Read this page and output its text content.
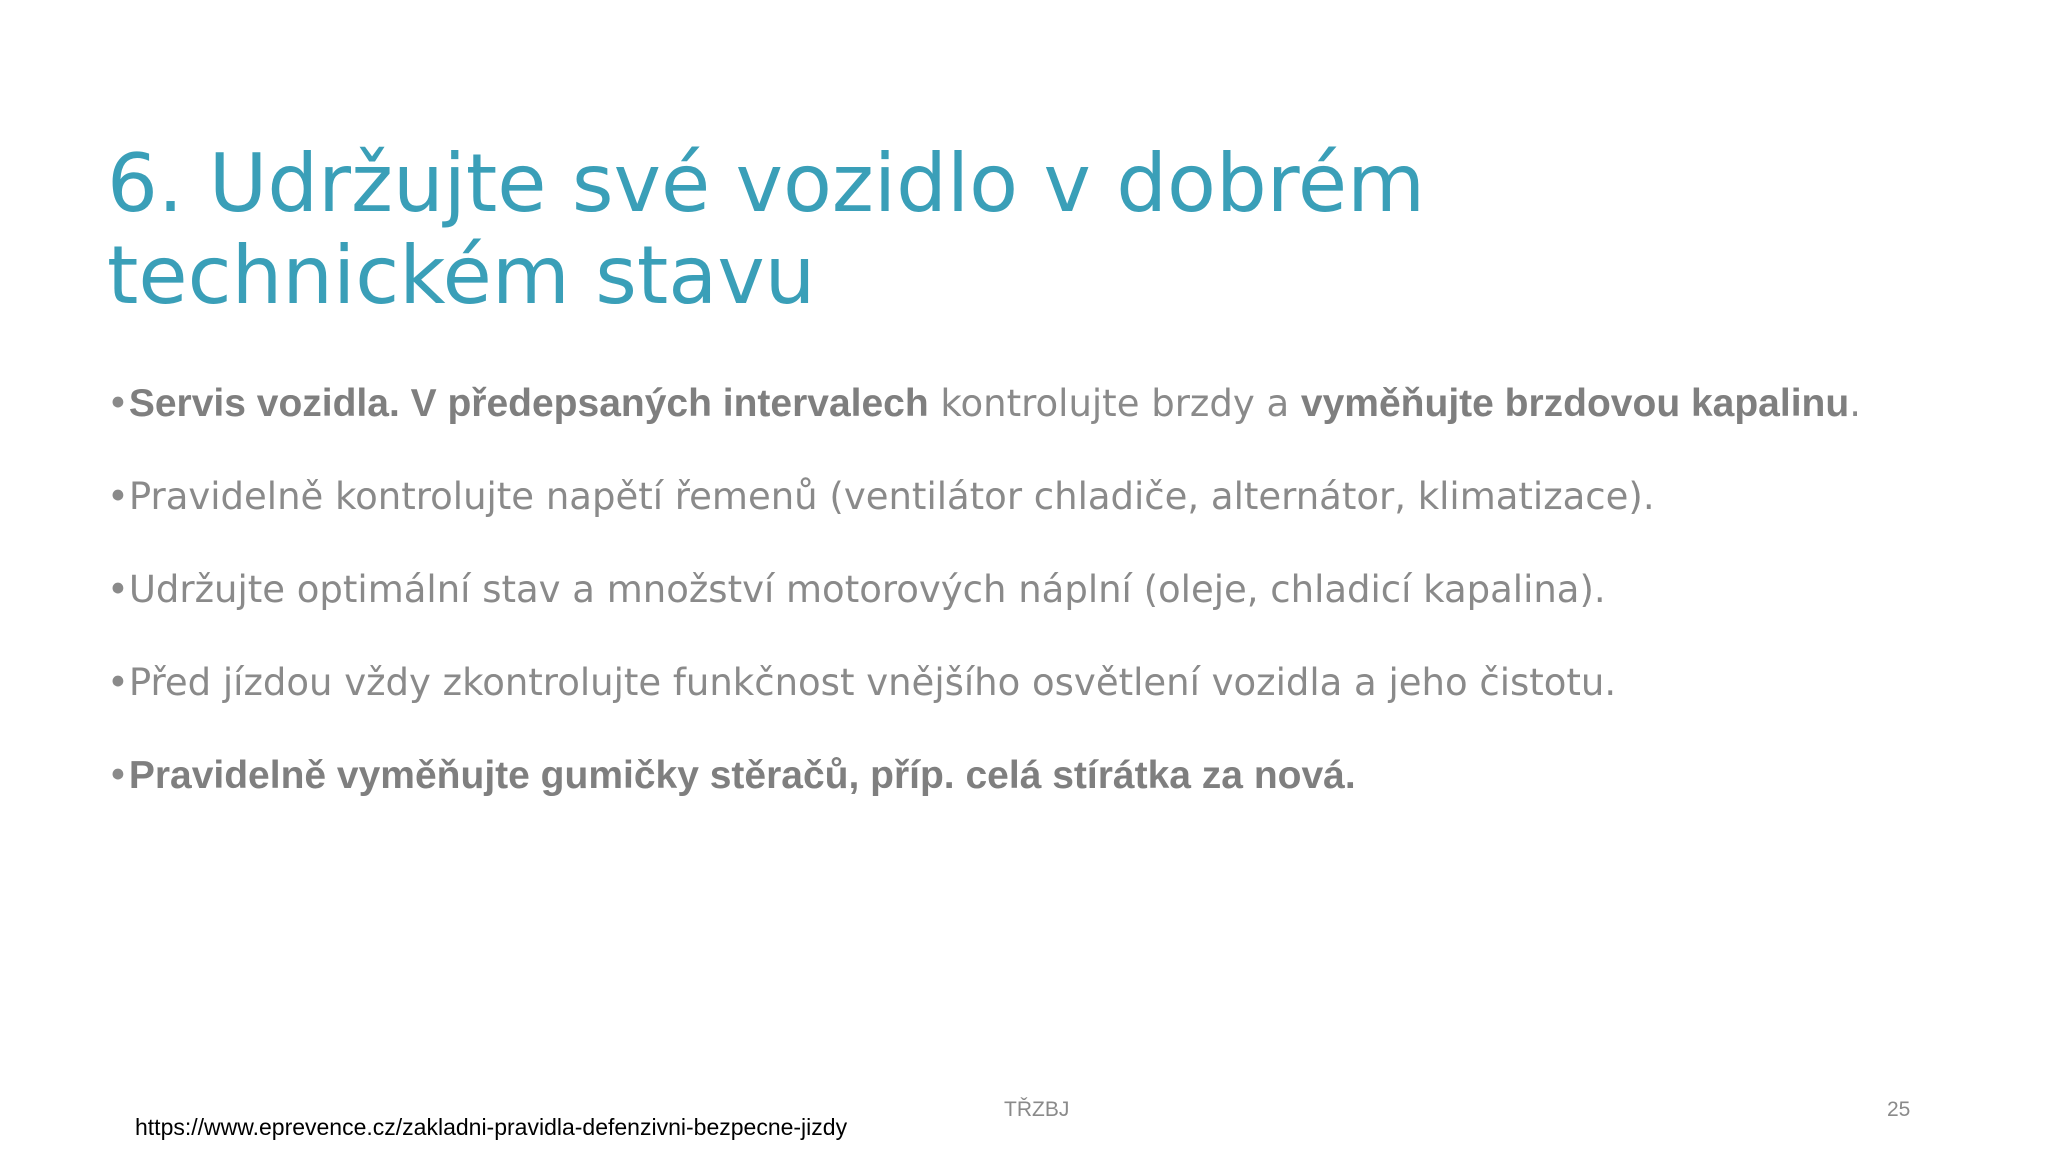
6. Udržujte své vozidlo v dobrém technickém stavu
•Servis vozidla. V předepsaných intervalech kontrolujte brzdy a vyměňujte brzdovou kapalinu.
•Pravidelně kontrolujte napětí řemenů (ventilátor chladiče, alternátor, klimatizace).
•Udržujte optimální stav a množství motorových náplní (oleje, chladicí kapalina).
•Před jízdou vždy zkontrolujte funkčnost vnějšího osvětlení vozidla a jeho čistotu.
•Pravidelně vyměňujte gumičky stěračů, příp. celá stírátka za nová.
https://www.eprevence.cz/zakladni-pravidla-defenzivni-bezpecne-jizdy
TŘZBJ	25
